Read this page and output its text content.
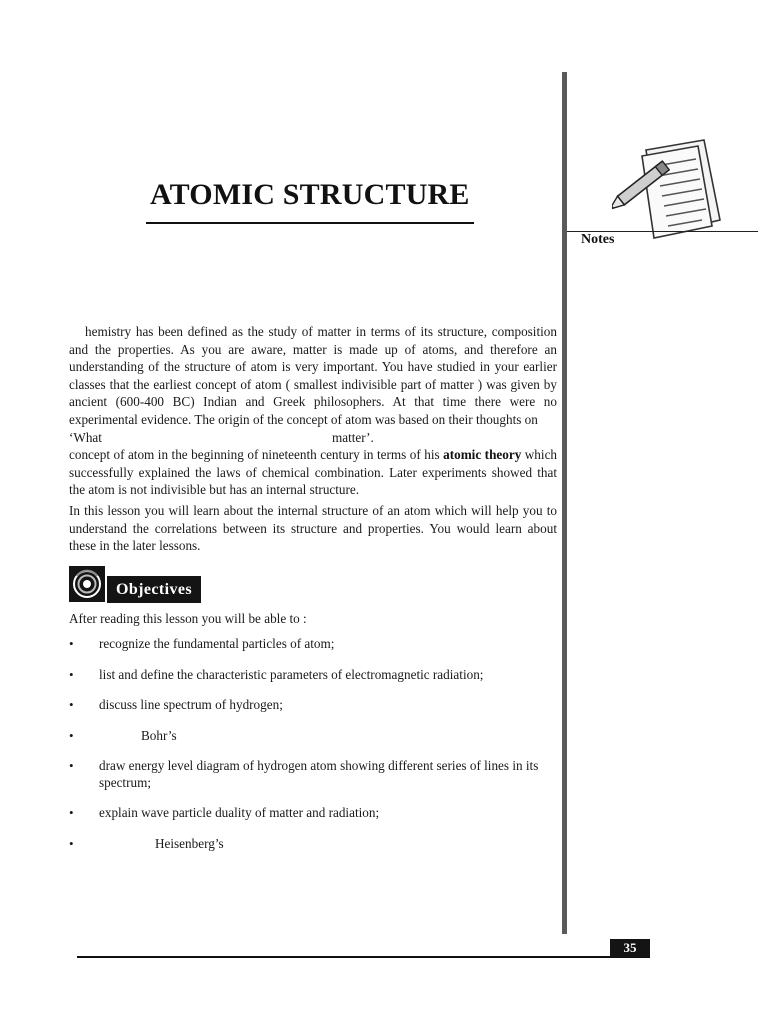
ATOMIC STRUCTURE
Notes

hemistry has been defined as the study of matter in terms of its structure, composition and the properties. As you are aware, matter is made up of atoms, and therefore an understanding of the structure of atom is very important. You have studied in your earlier classes that the earliest concept of atom ( smallest indivisible part of matter ) was given by ancient (600-400 BC) Indian and Greek philosophers. At that time there were no experimental evidence. The origin of the concept of atom was based on their thoughts on
‘What	matter’.
concept of atom in the beginning of nineteenth century in terms of his atomic theory which successfully explained the laws of chemical combination. Later experiments showed that the atom is not indivisible but has an internal structure.

In this lesson you will learn about the internal structure of an atom which will help you to understand the correlations between its structure and properties. You would learn about these in the later lessons.

Objectives
After reading this lesson you will be able to :
• recognize the fundamental particles of atom;
• list and define the characteristic parameters of electromagnetic radiation;
• discuss line spectrum of hydrogen;
•	Bohr’s
• draw energy level diagram of hydrogen atom showing different series of lines in its spectrum;
• explain wave particle duality of matter and radiation;
•	Heisenberg’s
35
